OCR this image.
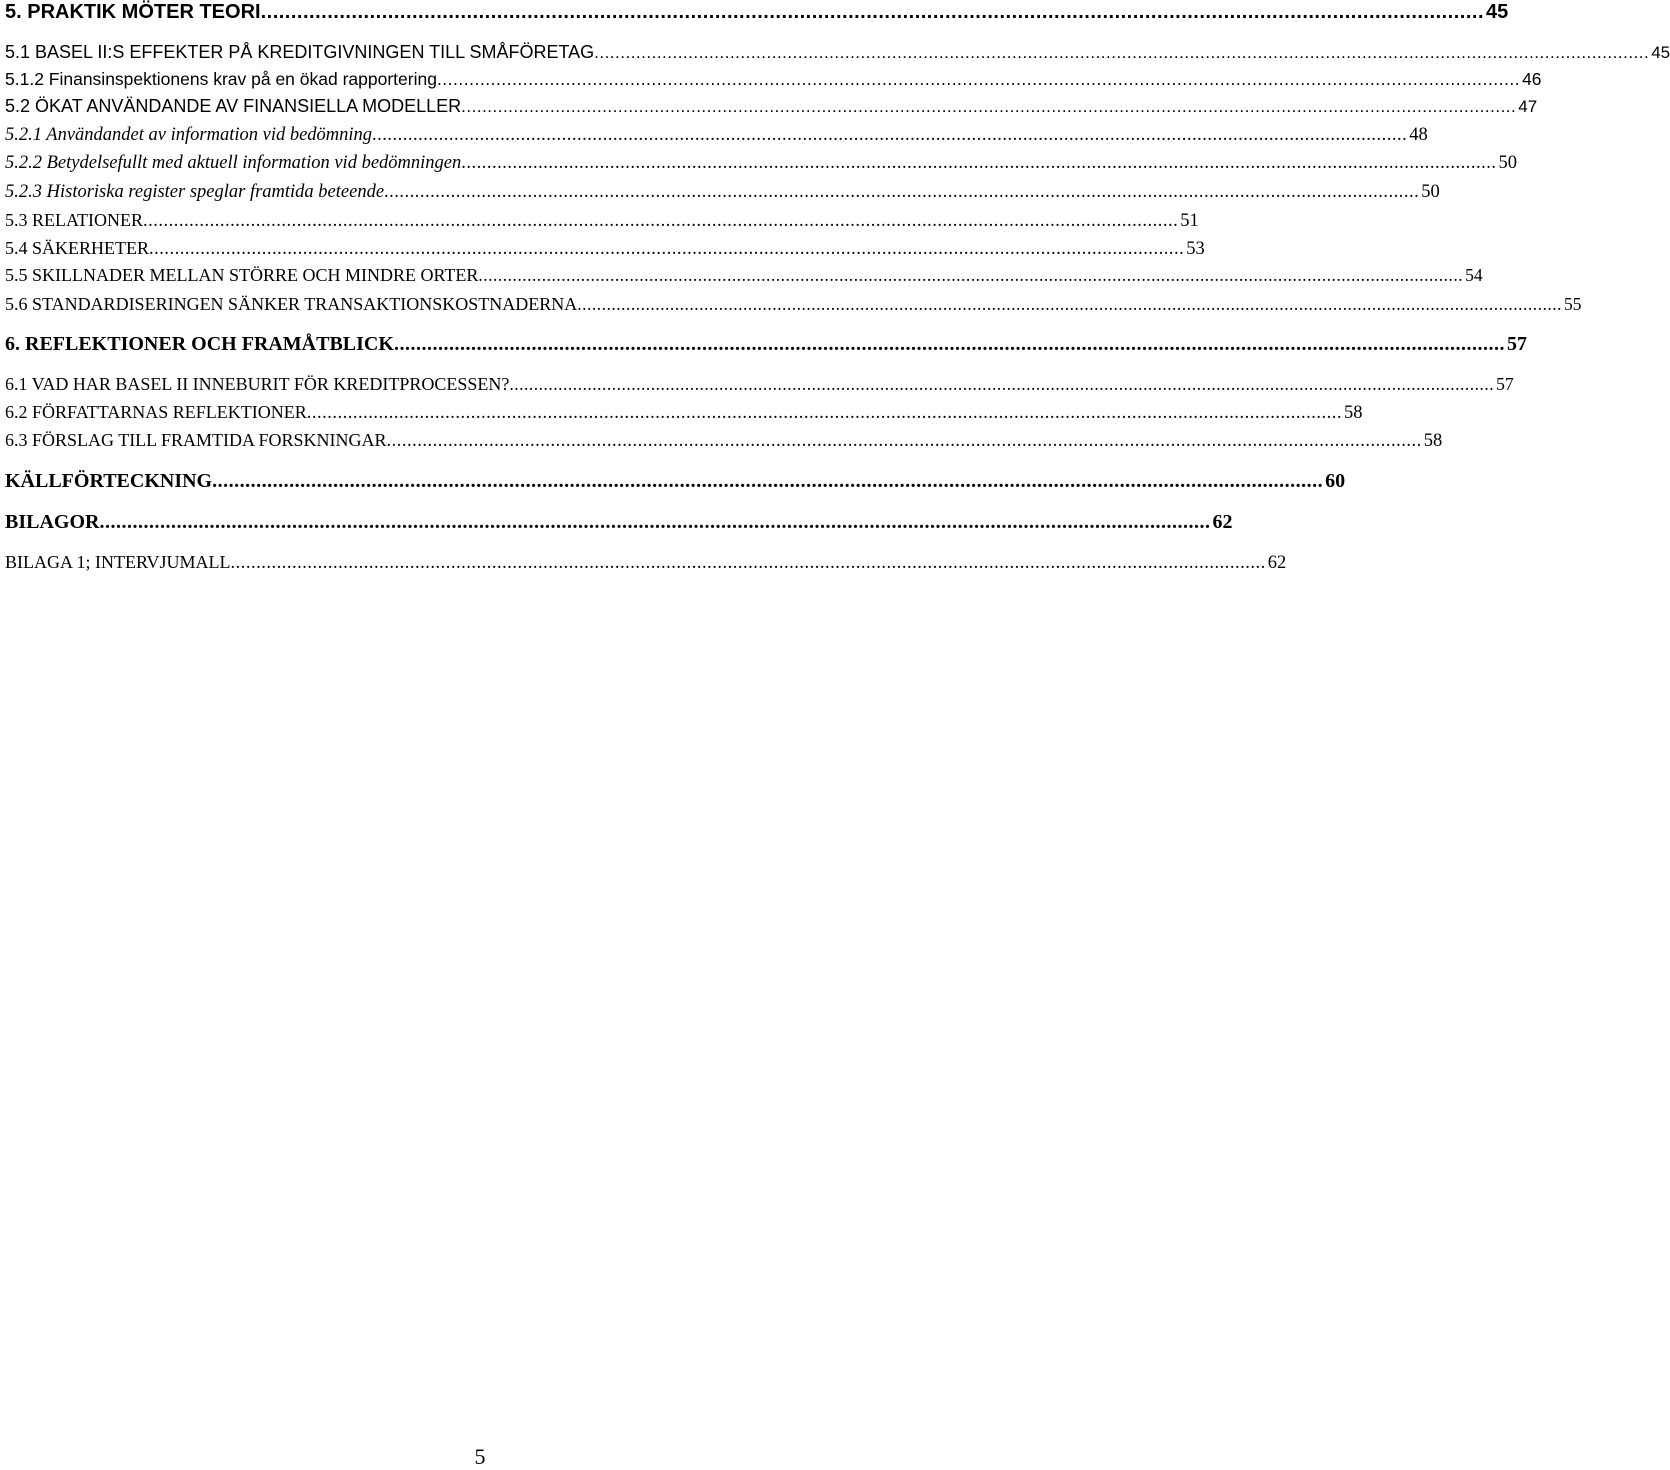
5. PRAKTIK MÖTER TEORI .......................................................................................................................................................................................................... 45
5.1 BASEL II:S EFFEKTER PÅ KREDITGIVNINGEN TILL SMÅFÖRETAG .......................................................................................................................................................................................................... 45
5.1.2 Finansinspektionens krav på en ökad rapportering .......................................................................................................................................................................................................... 46
5.2 ÖKAT ANVÄNDANDE AV FINANSIELLA MODELLER .......................................................................................................................................................................................................... 47
5.2.1 Användandet av information vid bedömning .......................................................................................................................................................................................................... 48
5.2.2 Betydelsefullt med aktuell information vid bedömningen .......................................................................................................................................................................................................... 50
5.2.3 Historiska register speglar framtida beteende .......................................................................................................................................................................................................... 50
5.3 RELATIONER .......................................................................................................................................................................................................... 51
5.4 SÄKERHETER .......................................................................................................................................................................................................... 53
5.5 SKILLNADER MELLAN STÖRRE OCH MINDRE ORTER .......................................................................................................................................................................................................... 54
5.6 STANDARDISERINGEN SÄNKER TRANSAKTIONSKOSTNADERNA .......................................................................................................................................................................................................... 55
6. REFLEKTIONER OCH FRAMÅTBLICK .......................................................................................................................................................................................................... 57
6.1 VAD HAR BASEL II INNEBURIT FÖR KREDITPROCESSEN? .......................................................................................................................................................................................................... 57
6.2 FÖRFATTARNAS REFLEKTIONER .......................................................................................................................................................................................................... 58
6.3 FÖRSLAG TILL FRAMTIDA FORSKNINGAR .......................................................................................................................................................................................................... 58
KÄLLFÖRTECKNING .......................................................................................................................................................................................................... 60
BILAGOR .......................................................................................................................................................................................................... 62
BILAGA 1; INTERVJUMALL .......................................................................................................................................................................................................... 62
5
